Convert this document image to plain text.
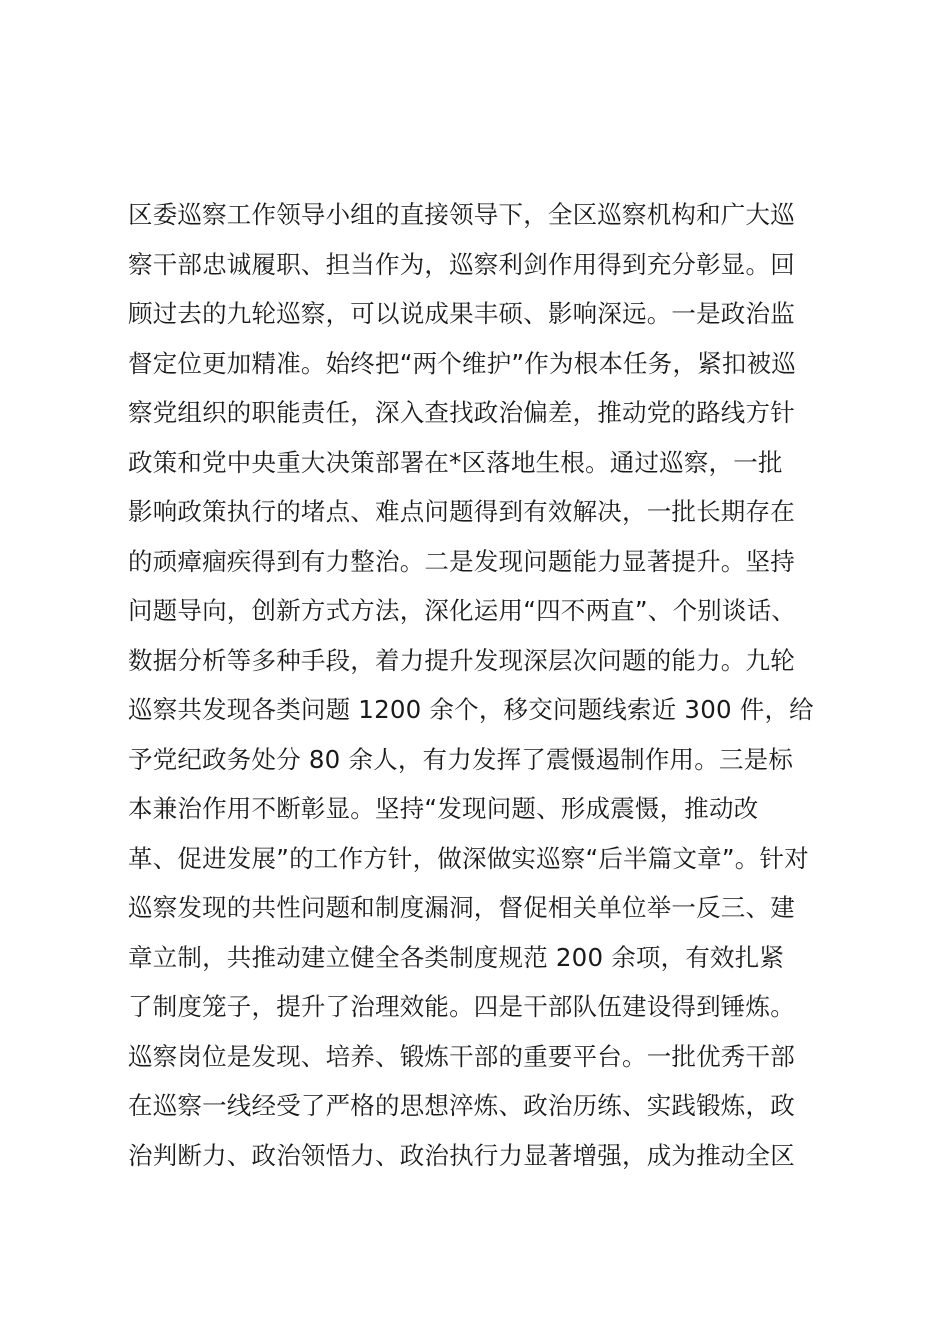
区委巡察工作领导小组的直接领导下，全区巡察机构和广大巡
察干部忠诚履职、担当作为，巡察利剑作用得到充分彰显。回
顾过去的九轮巡察，可以说成果丰硕、影响深远。一是政治监
督定位更加精准。始终把“两个维护”作为根本任务，紧扣被巡
察党组织的职能责任，深入查找政治偏差，推动党的路线方针
政策和党中央重大决策部署在*区落地生根。通过巡察，一批
影响政策执行的堵点、难点问题得到有效解决，一批长期存在
的顽瘴痼疾得到有力整治。二是发现问题能力显著提升。坚持
问题导向，创新方式方法，深化运用“四不两直”、个别谈话、
数据分析等多种手段，着力提升发现深层次问题的能力。九轮
巡察共发现各类问题 1200 余个，移交问题线索近 300 件，给
予党纪政务处分 80 余人，有力发挥了震慑遏制作用。三是标
本兼治作用不断彰显。坚持“发现问题、形成震慑，推动改
革、促进发展”的工作方针，做深做实巡察“后半篇文章”。针对
巡察发现的共性问题和制度漏洞，督促相关单位举一反三、建
章立制，共推动建立健全各类制度规范 200 余项，有效扎紧
了制度笼子，提升了治理效能。四是干部队伍建设得到锤炼。
巡察岗位是发现、培养、锻炼干部的重要平台。一批优秀干部
在巡察一线经受了严格的思想淬炼、政治历练、实践锻炼，政
治判断力、政治领悟力、政治执行力显著增强，成为推动全区
